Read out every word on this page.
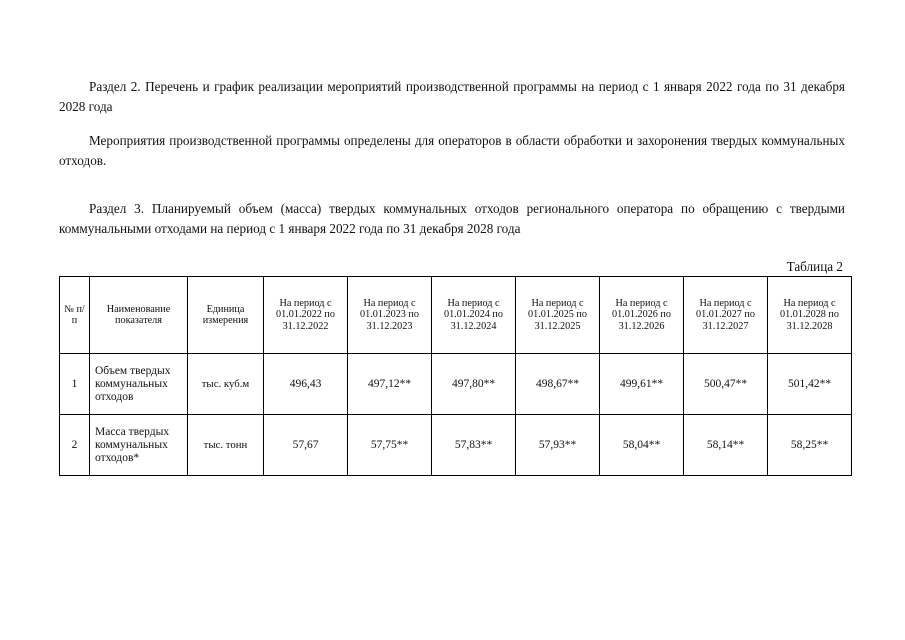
Раздел 2. Перечень и график реализации мероприятий производственной программы на период с 1 января 2022 года по 31 декабря 2028 года
Мероприятия производственной программы определены для операторов в области обработки и захоронения твердых коммунальных отходов.
Раздел 3. Планируемый объем (масса) твердых коммунальных отходов регионального оператора по обращению с твердыми коммунальными отходами на период с 1 января 2022 года по 31 декабря 2028 года
Таблица 2
№ п/п	Наименование показателя	Единица измерения	На период с 01.01.2022 по 31.12.2022	На период с 01.01.2023 по 31.12.2023	На период с 01.01.2024 по 31.12.2024	На период с 01.01.2025 по 31.12.2025	На период с 01.01.2026 по 31.12.2026	На период с 01.01.2027 по 31.12.2027	На период с 01.01.2028 по 31.12.2028
1	Объем твердых коммунальных отходов	тыс. куб.м	496,43	497,12**	497,80**	498,67**	499,61**	500,47**	501,42**
2	Масса твердых коммунальных отходов*	тыс. тонн	57,67	57,75**	57,83**	57,93**	58,04**	58,14**	58,25**
